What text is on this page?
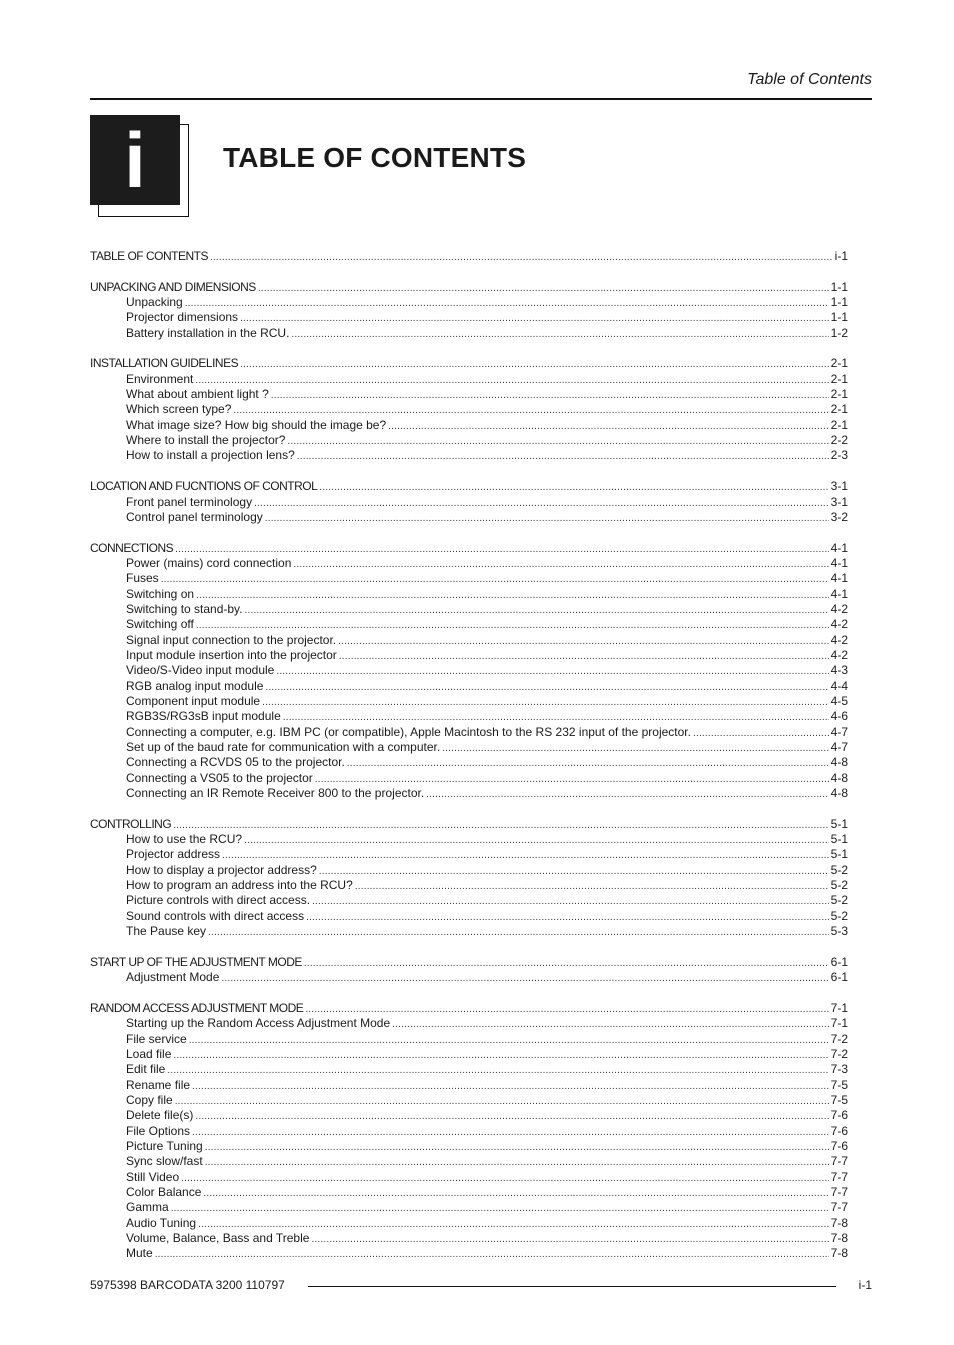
Table of Contents
i	TABLE OF CONTENTS
TABLE OF CONTENTS .....	i-1
UNPACKING AND DIMENSIONS .....	1-1
Unpacking .....	1-1
Projector dimensions .....	1-1
Battery installation in the RCU. .....	1-2
INSTALLATION GUIDELINES .....	2-1
Environment .....	2-1
What about ambient light ? .....	2-1
Which screen type? .....	2-1
What image size? How big should the image be? .....	2-1
Where to install the projector? .....	2-2
How to install a projection lens? .....	2-3
LOCATION AND FUCNTIONS OF CONTROL .....	3-1
Front panel terminology .....	3-1
Control panel terminology .....	3-2
CONNECTIONS .....	4-1
Power (mains) cord connection .....	4-1
Fuses .....	4-1
Switching on .....	4-1
Switching to stand-by. .....	4-2
Switching off .....	4-2
Signal input connection to the projector. .....	4-2
Input module insertion into the projector .....	4-2
Video/S-Video input module .....	4-3
RGB analog input module .....	4-4
Component input module .....	4-5
RGB3S/RG3sB input module .....	4-6
Connecting a computer, e.g. IBM PC (or compatible), Apple Macintosh to the RS 232 input of the projector. .....	4-7
Set up of the baud rate for communication with a computer. .....	4-7
Connecting a RCVDS 05 to the projector. .....	4-8
Connecting a VS05 to the projector .....	4-8
Connecting an IR Remote Receiver 800 to the projector. .....	4-8
CONTROLLING .....	5-1
How to use the RCU? .....	5-1
Projector address .....	5-1
How to display a projector address? .....	5-2
How to program an address into the RCU? .....	5-2
Picture controls with direct access. .....	5-2
Sound controls with direct access .....	5-2
The Pause key .....	5-3
START UP OF THE ADJUSTMENT MODE .....	6-1
Adjustment Mode .....	6-1
RANDOM ACCESS ADJUSTMENT MODE .....	7-1
Starting up the Random Access Adjustment Mode .....	7-1
File service .....	7-2
Load file .....	7-2
Edit file .....	7-3
Rename file .....	7-5
Copy file .....	7-5
Delete file(s) .....	7-6
File Options .....	7-6
Picture Tuning .....	7-6
Sync slow/fast .....	7-7
Still Video .....	7-7
Color Balance .....	7-7
Gamma .....	7-7
Audio Tuning .....	7-8
Volume, Balance, Bass and Treble .....	7-8
Mute .....	7-8
5975398 BARCODATA 3200 110797	i-1
